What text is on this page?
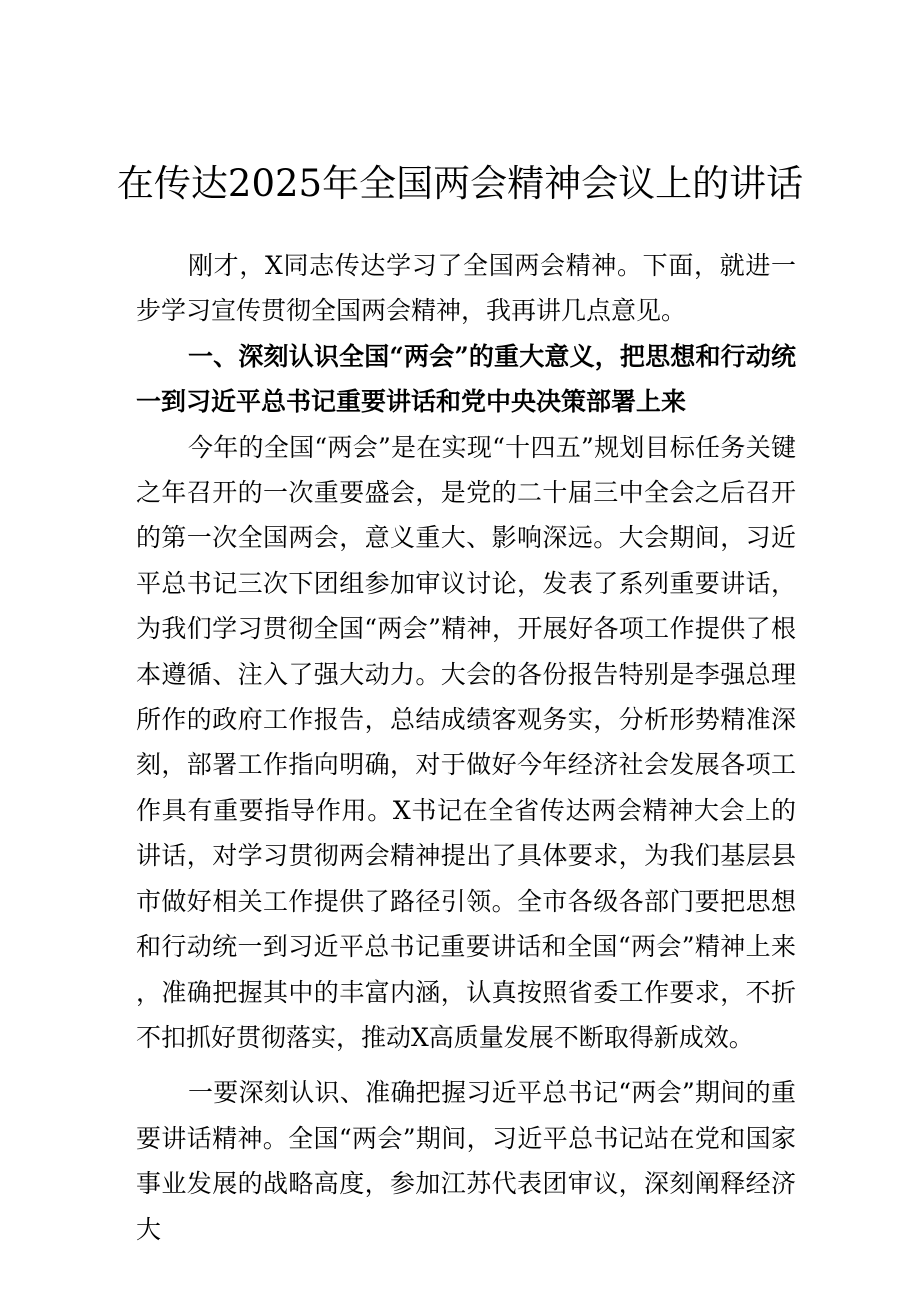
在传达2025年全国两会精神会议上的讲话

刚才，X同志传达学习了全国两会精神。下面，就进一步学习宣传贯彻全国两会精神，我再讲几点意见。

一、深刻认识全国“两会”的重大意义，把思想和行动统一到习近平总书记重要讲话和党中央决策部署上来

今年的全国“两会”是在实现“十四五”规划目标任务关键之年召开的一次重要盛会，是党的二十届三中全会之后召开的第一次全国两会，意义重大、影响深远。大会期间，习近平总书记三次下团组参加审议讨论，发表了系列重要讲话，为我们学习贯彻全国“两会”精神，开展好各项工作提供了根本遵循、注入了强大动力。大会的各份报告特别是李强总理所作的政府工作报告，总结成绩客观务实，分析形势精准深刻，部署工作指向明确，对于做好今年经济社会发展各项工作具有重要指导作用。X书记在全省传达两会精神大会上的讲话，对学习贯彻两会精神提出了具体要求，为我们基层县市做好相关工作提供了路径引领。全市各级各部门要把思想和行动统一到习近平总书记重要讲话和全国“两会”精神上来，准确把握其中的丰富内涵，认真按照省委工作要求，不折不扣抓好贯彻落实，推动X高质量发展不断取得新成效。

一要深刻认识、准确把握习近平总书记“两会”期间的重要讲话精神。全国“两会”期间，习近平总书记站在党和国家事业发展的战略高度，参加江苏代表团审议，深刻阐释经济大
